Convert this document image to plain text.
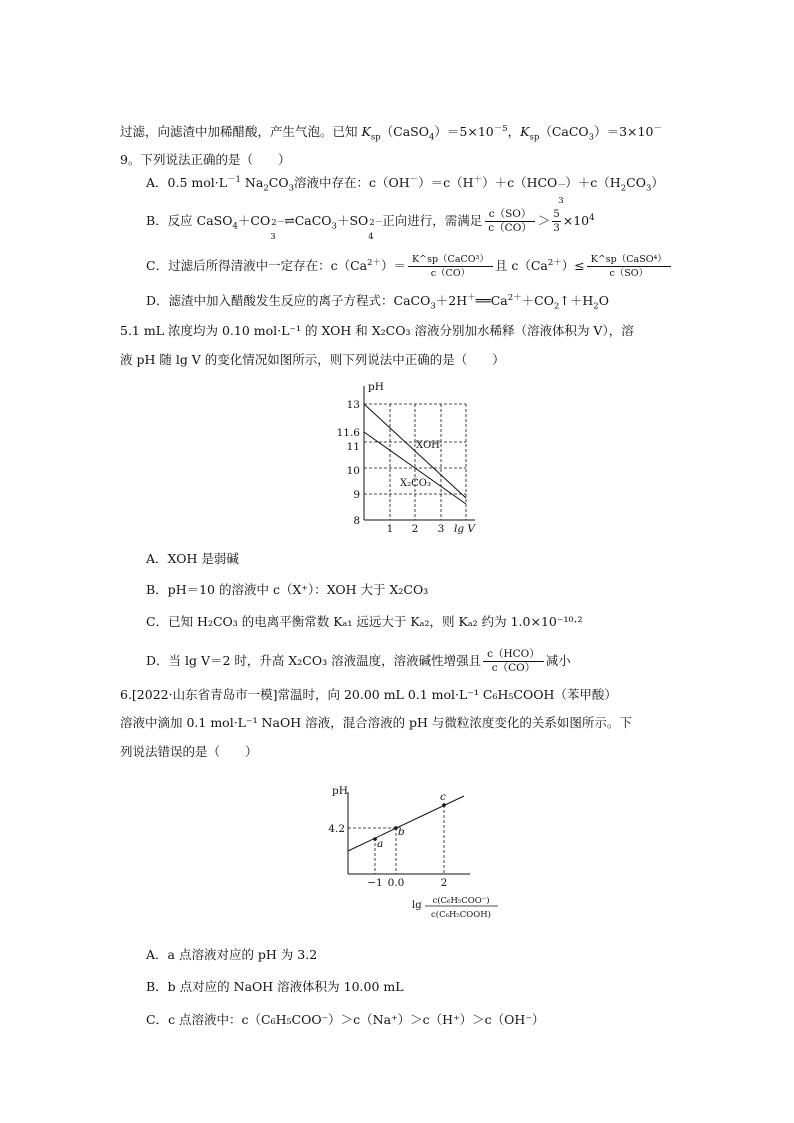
过滤，向滤渣中加稀醋酸，产生气泡。已知 $K_{sp}(CaSO_4)=5\times 10^{-5}$，$K_{sp}(CaCO_3)=3\times 10^-$
9。下列说法正确的是（　　）
A．0.5 $mol\cdot L^{-1}$ $Na_2CO_3$溶液中存在：c（OH－）＝c（H＋）＋c（HCO －
3
）$+c(H_2CO_3)$
B．反应 CaSO$_4$＋CO 2－
3
⇌CaCO$_3$＋SO 2－
4
正向进行，需满足 $\frac{c(SO)}{c(CO)} > \frac{5}{3} \times 10^4$
C．过滤后所得清液中一定存在：$c(Ca^{2+})= \frac{\text{K\textasciicircum{}sp（CaCO³）}}{c(CO)}$ 且 $c(Ca^{2+})\le \frac{\text{K\textasciicircum{}sp（CaSO⁴）}}{c(SO)}$
D．滤渣中加入醋酸发生反应的离子方程式：$CaCO_3+2H^+══Ca^{2+}+CO_2↑+H_2O$
5.1 mL 浓度均为 0.10 mol·L⁻¹ 的 XOH 和 X₂CO₃ 溶液分别加水稀释（溶液体积为 V），溶
液 pH 随 lg V 的变化情况如图所示，则下列说法中正确的是（　　）
pH
13
11.6
11
10
9
8
1 2 3 lg V
XOH
X₂CO₃
A．XOH 是弱碱
B．pH＝10 的溶液中 c（X⁺）：XOH 大于 X₂CO₃
C．已知 H₂CO₃ 的电离平衡常数 Kₐ₁ 远远大于 Kₐ₂，则 Kₐ₂ 约为 1.0×10⁻¹⁰·²
D．当 lg V＝2 时，升高 X₂CO₃ 溶液温度，溶液碱性增强且 $\frac{\text{c（HCO）}}{c(CO)}$ 减小
6.[2022·山东省青岛市一模]常温时，向 20.00 mL 0.1 mol·L⁻¹ C₆H₅COOH（苯甲酸）
溶液中滴加 0.1 mol·L⁻¹ NaOH 溶液，混合溶液的 pH 与微粒浓度变化的关系如图所示。下
列说法错误的是（　　）
pH
4.2
a
b
c
−1 0.0	2
lg c(C₆H₅COO⁻)
c(C₆H₅COOH)
A．a 点溶液对应的 pH 为 3.2
B．b 点对应的 NaOH 溶液体积为 10.00 mL
C．c 点溶液中：c（C₆H₅COO⁻）＞c（Na⁺）＞c（H⁺）＞c（OH⁻）
